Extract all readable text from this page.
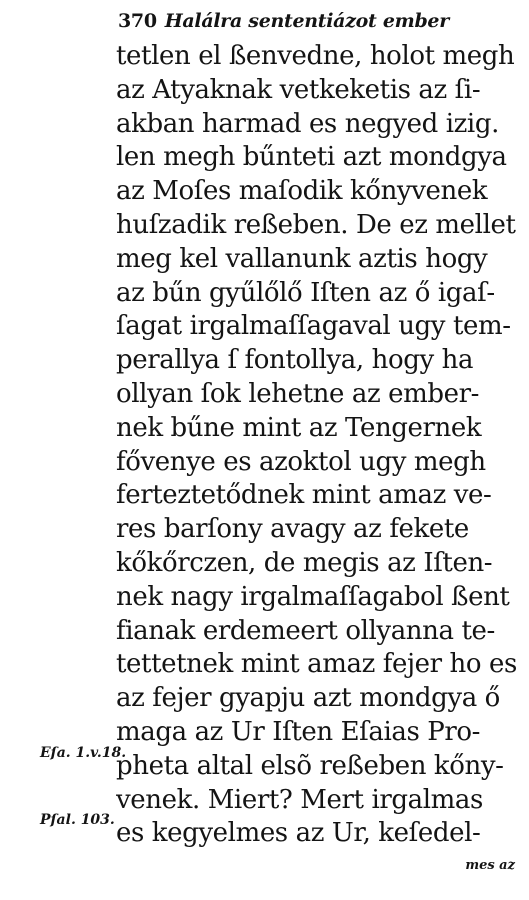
370 Halálra sententiázot ember
tetlen el ßenvedne, holot megh
az Atyaknak vetkeketis az ſi-
akban harmad es negyed izig.
len megh bűnteti azt mondgya
az Moſes maſodik kőnyvenek
huſzadik reßeben. De ez mellet
meg kel vallanunk aztis hogy
az bűn gyűlőlő Iſten az ő igaſ-
ſagat irgalmaſſagaval ugy tem-
perallya ſ fontollya, hogy ha
ollyan ſok lehetne az ember-
nek bűne mint az Tengernek
fővenye es azoktol ugy megh
ferteztetődnek mint amaz ve-
res barſony avagy az fekete
kőkőrczen, de megis az Iſten-
nek nagy irgalmaſſagabol ßent
fianak erdemeert ollyanna te-
tettetnek mint amaz fejer ho es
az fejer gyapju azt mondgya ő
maga az Ur Iſten Eſaias Pro-
pheta altal elsõ reßeben kőny-
venek. Miert? Mert irgalmas
es kegyelmes az Ur, keſedel-
Eſa. 1.v.18.
Pſal. 103.
mes az
